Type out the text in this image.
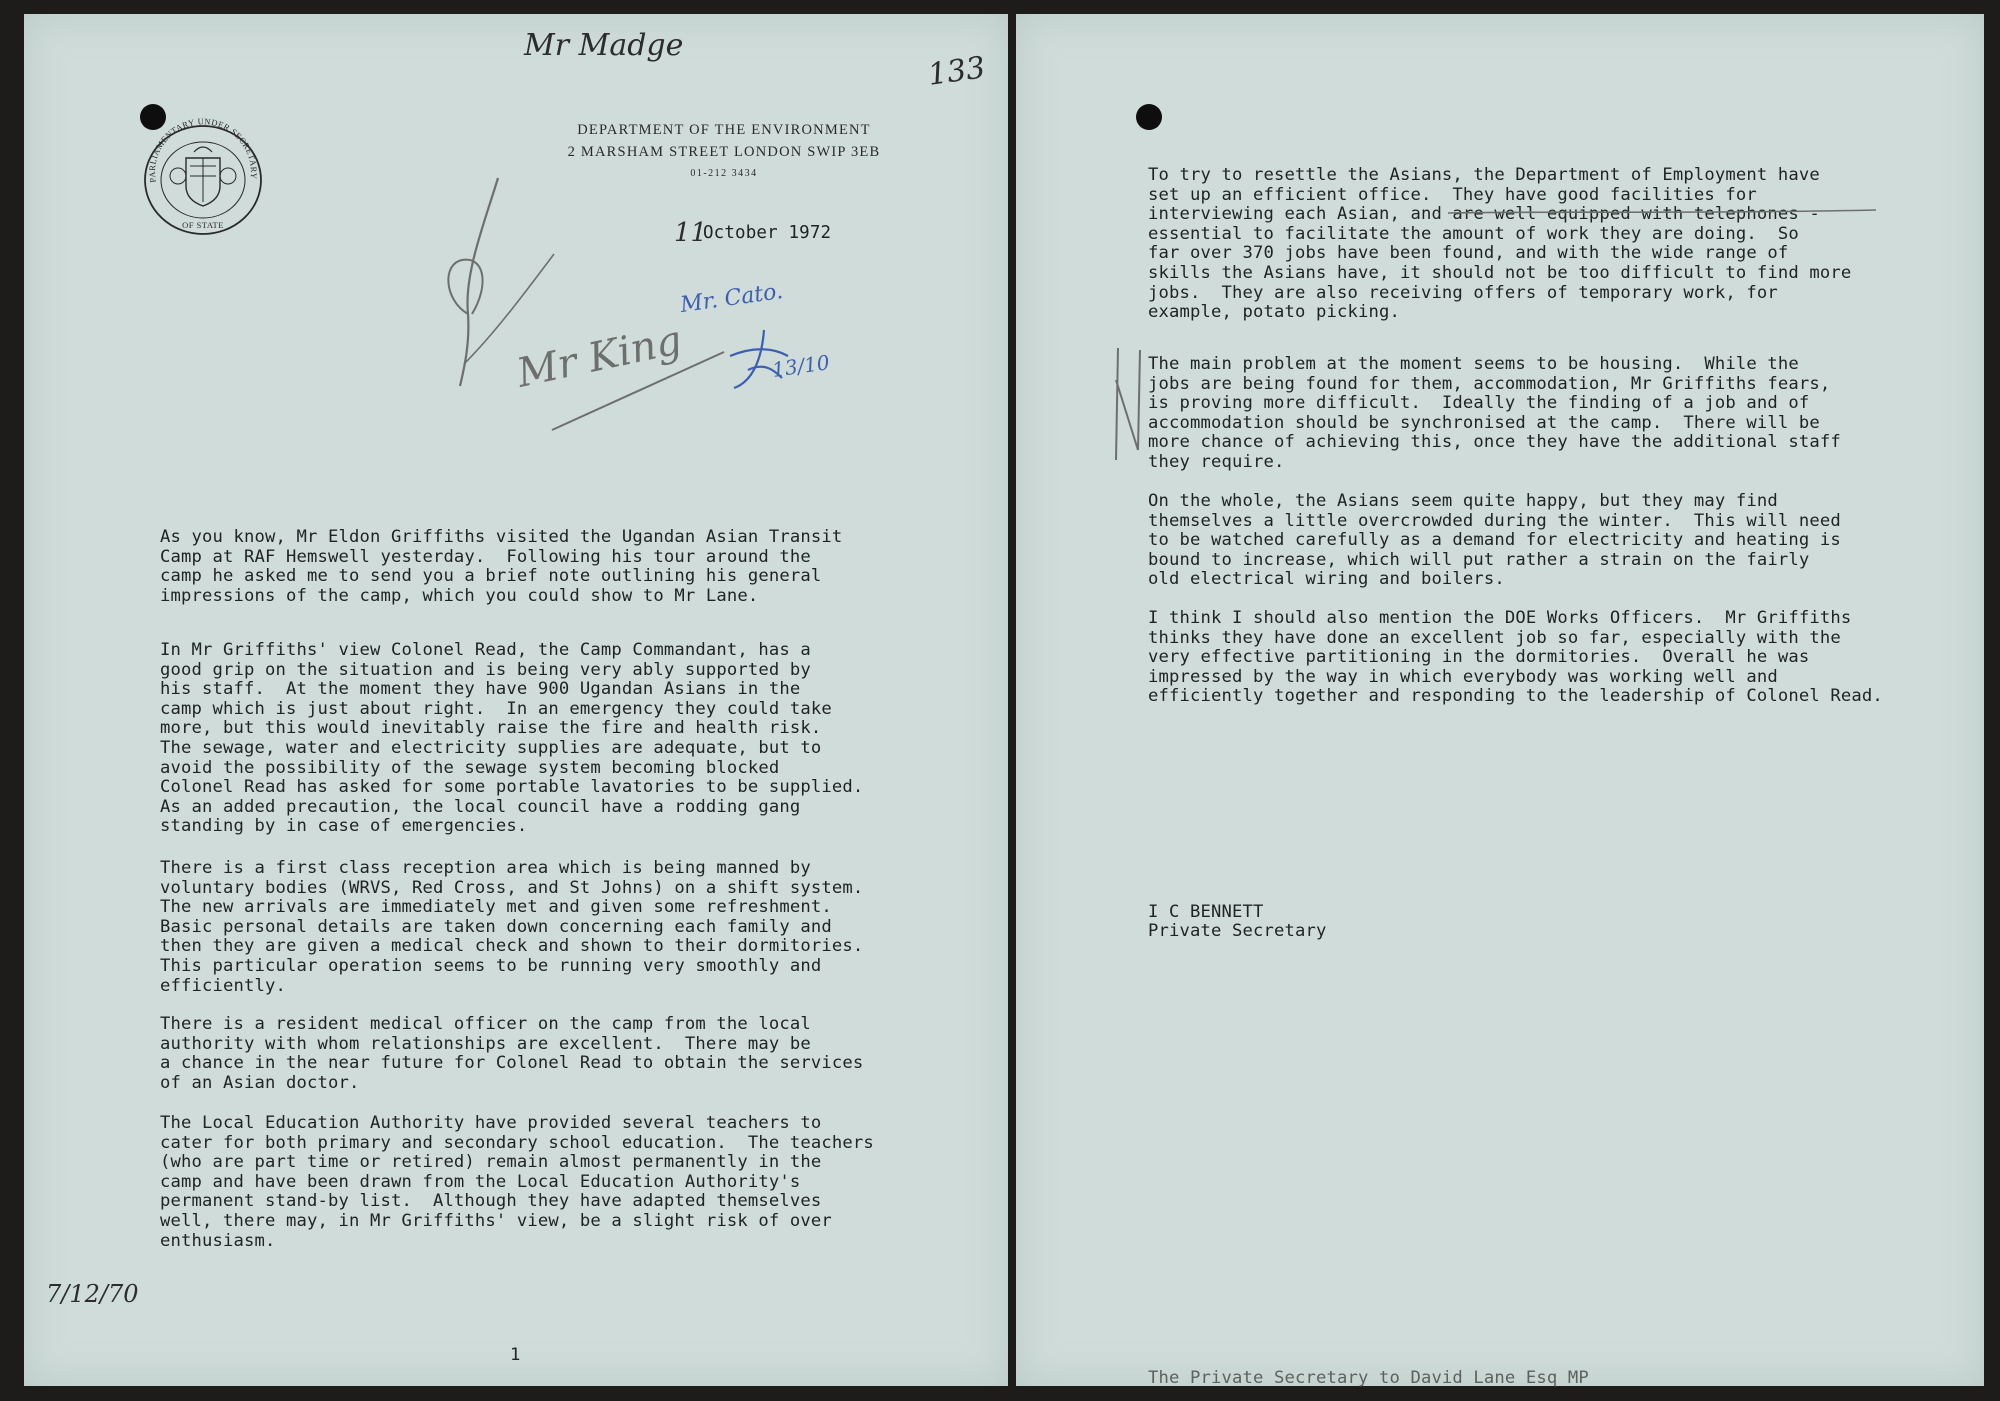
Mr Madge
133
PARLIAMENTARY UNDER SECRETARY
OF STATE
DEPARTMENT OF THE ENVIRONMENT
2 MARSHAM STREET LONDON SWIP 3EB
01-212 3434
11
October 1972
Mr King
Mr. Cato.
13/10
As you know, Mr Eldon Griffiths visited the Ugandan Asian Transit
Camp at RAF Hemswell yesterday.  Following his tour around the
camp he asked me to send you a brief note outlining his general
impressions of the camp, which you could show to Mr Lane.
In Mr Griffiths' view Colonel Read, the Camp Commandant, has a
good grip on the situation and is being very ably supported by
his staff.  At the moment they have 900 Ugandan Asians in the
camp which is just about right.  In an emergency they could take
more, but this would inevitably raise the fire and health risk.
The sewage, water and electricity supplies are adequate, but to
avoid the possibility of the sewage system becoming blocked
Colonel Read has asked for some portable lavatories to be supplied.
As an added precaution, the local council have a rodding gang
standing by in case of emergencies.
There is a first class reception area which is being manned by
voluntary bodies (WRVS, Red Cross, and St Johns) on a shift system.
The new arrivals are immediately met and given some refreshment.
Basic personal details are taken down concerning each family and
then they are given a medical check and shown to their dormitories.
This particular operation seems to be running very smoothly and
efficiently.
There is a resident medical officer on the camp from the local
authority with whom relationships are excellent.  There may be
a chance in the near future for Colonel Read to obtain the services
of an Asian doctor.
The Local Education Authority have provided several teachers to
cater for both primary and secondary school education.  The teachers
(who are part time or retired) remain almost permanently in the
camp and have been drawn from the Local Education Authority's
permanent stand-by list.  Although they have adapted themselves
well, there may, in Mr Griffiths' view, be a slight risk of over
enthusiasm.
7/12/70
1
To try to resettle the Asians, the Department of Employment have
set up an efficient office.  They have good facilities for
interviewing each Asian, and are well equipped with telephones -
essential to facilitate the amount of work they are doing.  So
far over 370 jobs have been found, and with the wide range of
skills the Asians have, it should not be too difficult to find more
jobs.  They are also receiving offers of temporary work, for
example, potato picking.
The main problem at the moment seems to be housing.  While the
jobs are being found for them, accommodation, Mr Griffiths fears,
is proving more difficult.  Ideally the finding of a job and of
accommodation should be synchronised at the camp.  There will be
more chance of achieving this, once they have the additional staff
they require.
On the whole, the Asians seem quite happy, but they may find
themselves a little overcrowded during the winter.  This will need
to be watched carefully as a demand for electricity and heating is
bound to increase, which will put rather a strain on the fairly
old electrical wiring and boilers.
I think I should also mention the DOE Works Officers.  Mr Griffiths
thinks they have done an excellent job so far, especially with the
very effective partitioning in the dormitories.  Overall he was
impressed by the way in which everybody was working well and
efficiently together and responding to the leadership of Colonel Read.
I C BENNETT
Private Secretary
The Private Secretary to David Lane Esq MP
